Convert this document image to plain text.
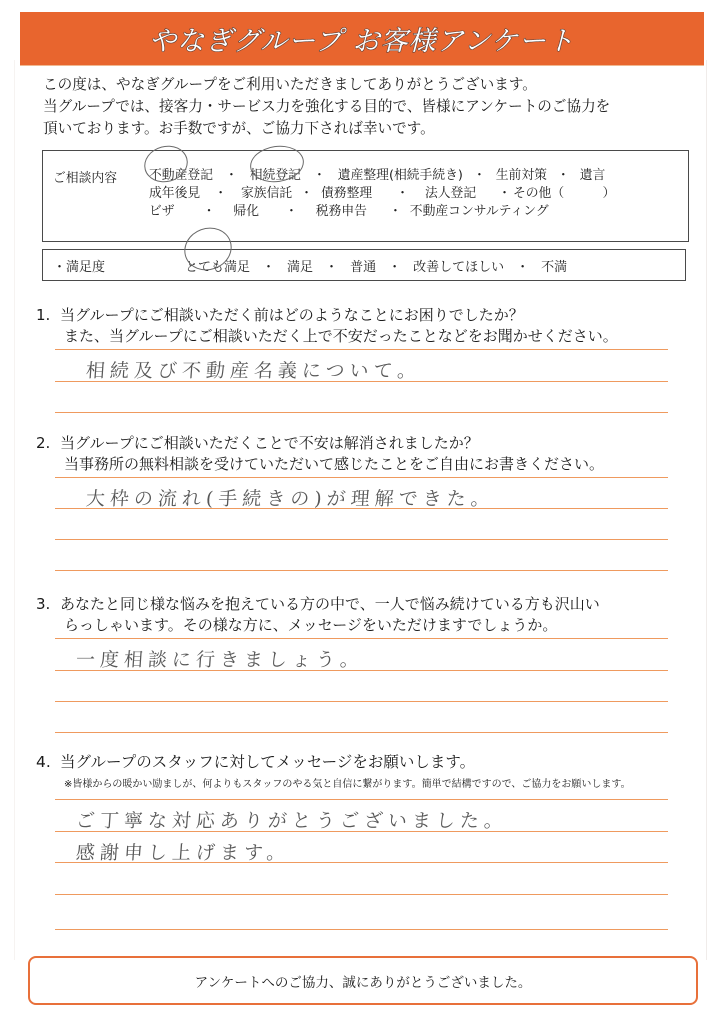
やなぎグループ お客様アンケート
この度は、やなぎグループをご利用いただきましてありがとうございます。
当グループでは、接客力・サービス力を強化する目的で、皆様にアンケートのご協力を
頂いております。お手数ですが、ご協力下されば幸いです。
ご相談内容	不動産登記 ・ 相続登記 ・ 遺産整理(相続手続き) ・ 生前対策 ・ 遺言
成年後見 ・ 家族信託 ・ 債務整理 ・ 法人登記 ・ その他（　　　）
ビザ ・ 帰化 ・ 税務申告 ・ 不動産コンサルティング
・満足度	とても満足 ・ 満足 ・ 普通 ・ 改善してほしい ・ 不満
1. 当グループにご相談いただく前はどのようなことにお困りでしたか？
また、当グループにご相談いただく上で不安だったことなどをお聞かせください。
相続及び不動産名義について。
2. 当グループにご相談いただくことで不安は解消されましたか？
当事務所の無料相談を受けていただいて感じたことをご自由にお書きください。
大枠の流れ(手続きの)が理解できた。
3. あなたと同じ様な悩みを抱えている方の中で、一人で悩み続けている方も沢山い
らっしゃいます。その様な方に、メッセージをいただけますでしょうか。
一度相談に行きましょう。
4. 当グループのスタッフに対してメッセージをお願いします。
※皆様からの暖かい励ましが、何よりもスタッフのやる気と自信に繋がります。簡単で結構ですので、ご協力をお願いします。
ご丁寧な対応ありがとうございました。
感謝申し上げます。
アンケートへのご協力、誠にありがとうございました。
